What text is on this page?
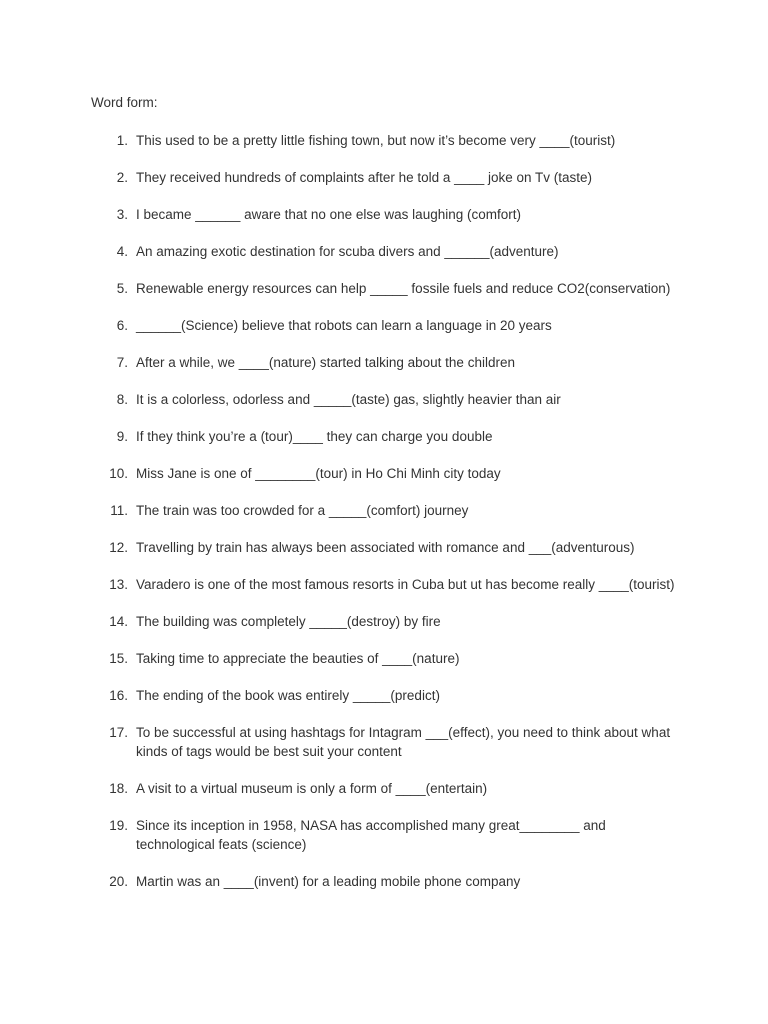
Word form:
1. This used to be a pretty little fishing town, but now it’s become very ____(tourist)
2. They received hundreds of complaints after he told a ____ joke on Tv (taste)
3. I became ______ aware that no one else was laughing (comfort)
4. An amazing exotic destination for scuba divers and ______(adventure)
5. Renewable energy resources can help _____ fossile fuels and reduce CO2(conservation)
6. ______(Science) believe that robots can learn a language in 20 years
7. After a while, we ____(nature) started talking about the children
8. It is a colorless, odorless and _____(taste) gas, slightly heavier than air
9. If they think you’re a (tour)____ they can charge you double
10. Miss Jane is one of ________(tour) in Ho Chi Minh city today
11. The train was too crowded for a _____(comfort) journey
12. Travelling by train has always been associated with romance and ___(adventurous)
13. Varadero is one of the most famous resorts in Cuba but ut has become really ____(tourist)
14. The building was completely _____(destroy) by fire
15. Taking time to appreciate the beauties of ____(nature)
16. The ending of the book was entirely _____(predict)
17. To be successful at using hashtags for Intagram ___(effect), you need to think about what kinds of tags would be best suit your content
18. A visit to a virtual museum is only a form of ____(entertain)
19. Since its inception in 1958, NASA has accomplished many great________ and technological feats (science)
20. Martin was an ____(invent) for a leading mobile phone company
